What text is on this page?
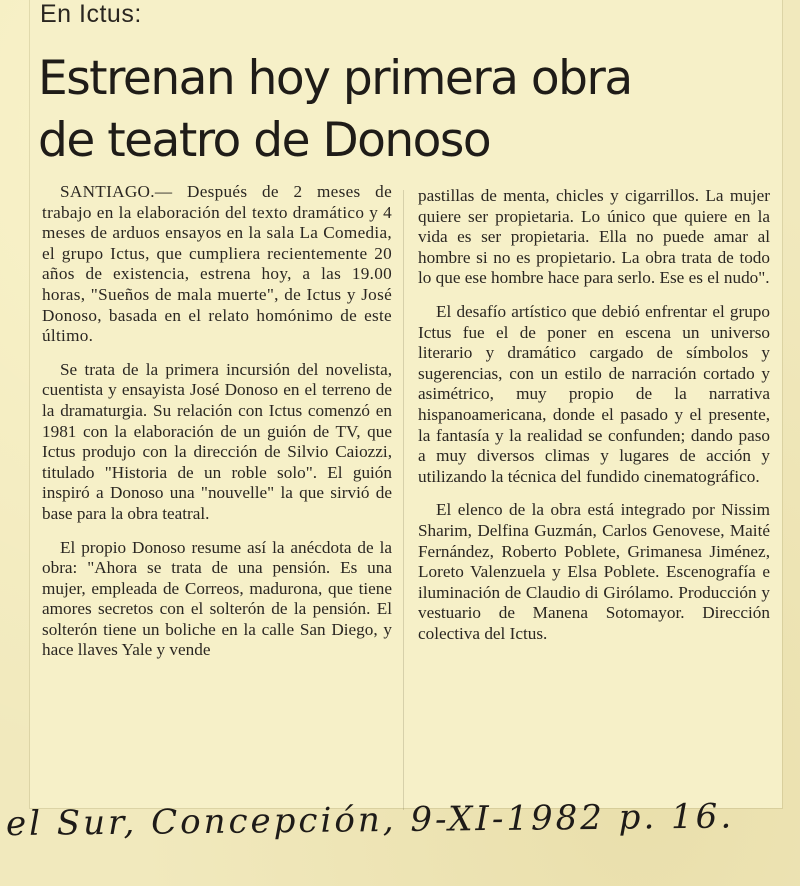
En Ictus:
Estrenan hoy primera obra de teatro de Donoso

SANTIAGO.— Después de 2 meses de trabajo en la elaboración del texto dramático y 4 meses de arduos ensayos en la sala La Comedia, el grupo Ictus, que cumpliera recientemente 20 años de existencia, estrena hoy, a las 19.00 horas, "Sueños de mala muerte", de Ictus y José Donoso, basada en el relato homónimo de este último.

Se trata de la primera incursión del novelista, cuentista y ensayista José Donoso en el terreno de la dramaturgia. Su relación con Ictus comenzó en 1981 con la elaboración de un guión de TV, que Ictus produjo con la dirección de Silvio Caiozzi, titulado "Historia de un roble solo". El guión inspiró a Donoso una "nouvelle" la que sirvió de base para la obra teatral.

El propio Donoso resume así la anécdota de la obra: "Ahora se trata de una pensión. Es una mujer, empleada de Correos, madurona, que tiene amores secretos con el solterón de la pensión. El solterón tiene un boliche en la calle San Diego, y hace llaves Yale y vende

pastillas de menta, chicles y cigarrillos. La mujer quiere ser propietaria. Lo único que quiere en la vida es ser propietaria. Ella no puede amar al hombre si no es propietario. La obra trata de todo lo que ese hombre hace para serlo. Ese es el nudo".

El desafío artístico que debió enfrentar el grupo Ictus fue el de poner en escena un universo literario y dramático cargado de símbolos y sugerencias, con un estilo de narración cortado y asimétrico, muy propio de la narrativa hispanoamericana, donde el pasado y el presente, la fantasía y la realidad se confunden; dando paso a muy diversos climas y lugares de acción y utilizando la técnica del fundido cinematográfico.

El elenco de la obra está integrado por Nissim Sharim, Delfina Guzmán, Carlos Genovese, Maité Fernández, Roberto Poblete, Grimanesa Jiménez, Loreto Valenzuela y Elsa Poblete. Escenografía e iluminación de Claudio di Girólamo. Producción y vestuario de Manena Sotomayor. Dirección colectiva del Ictus.

el Sur, Concepción, 9-XI-1982 p. 16.
